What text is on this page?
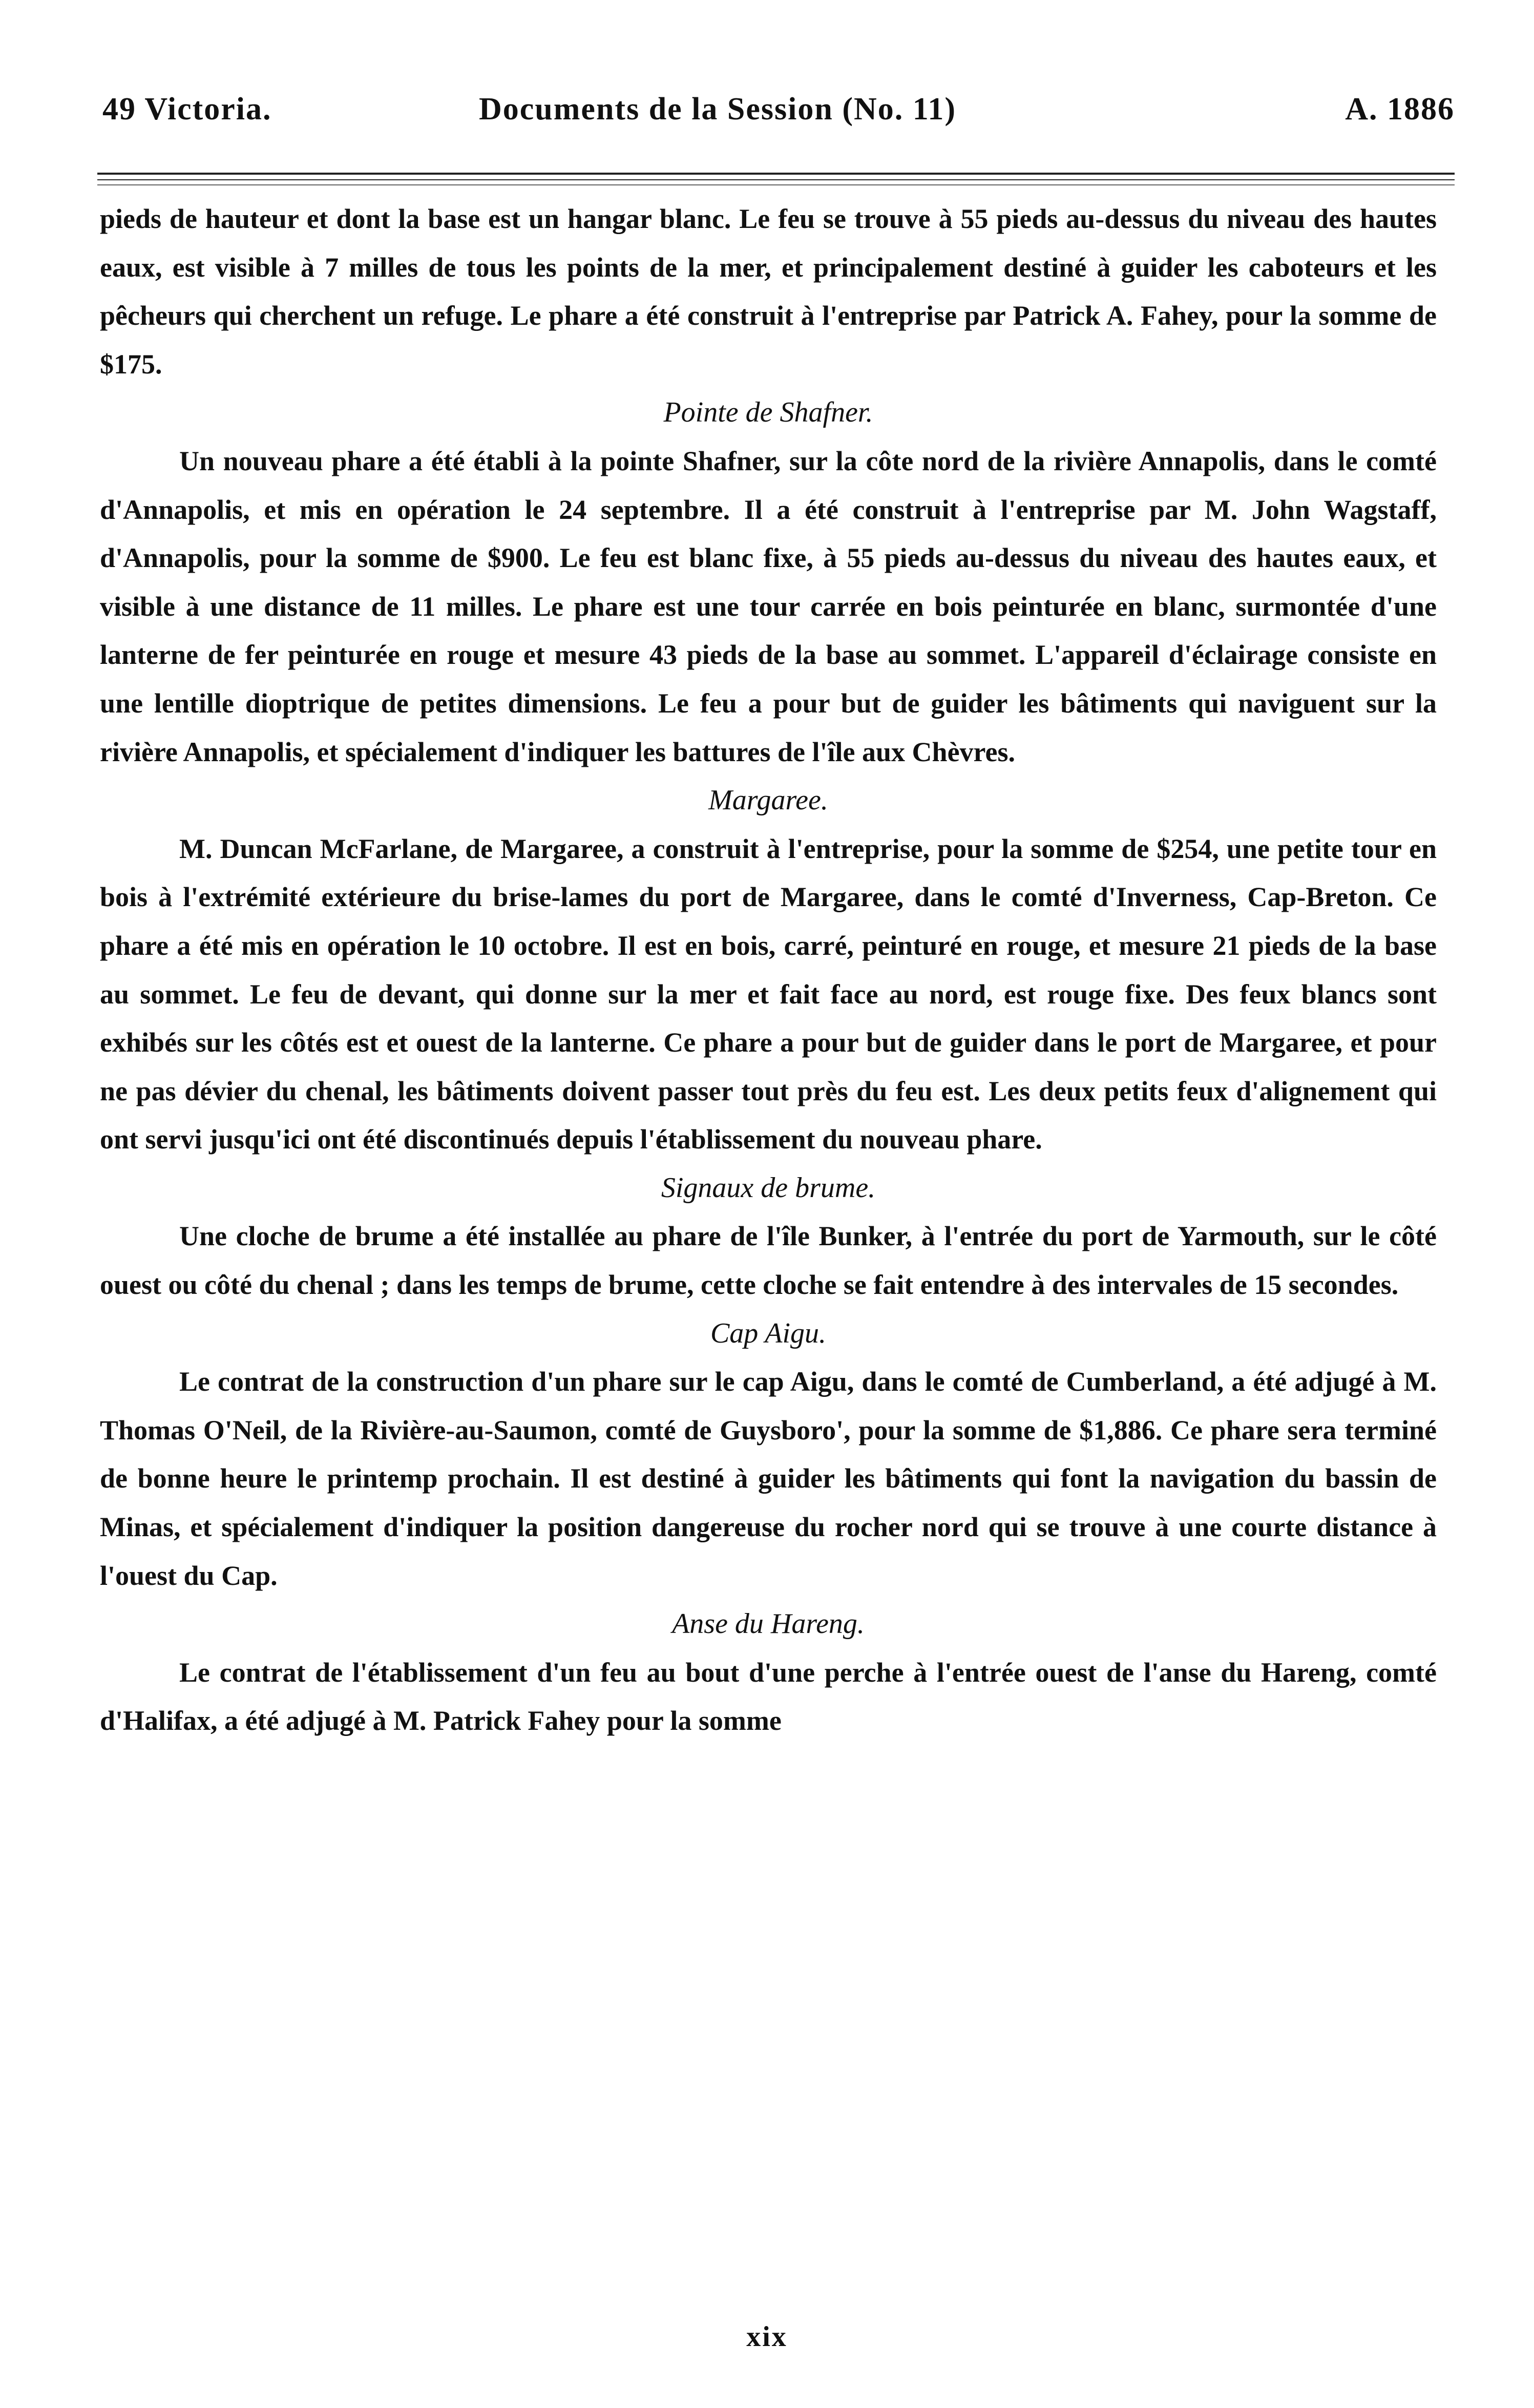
49 Victoria.	Documents de la Session (No. 11)	A. 1886

pieds de hauteur et dont la base est un hangar blanc. Le feu se trouve à 55 pieds au-dessus du niveau des hautes eaux, est visible à 7 milles de tous les points de la mer, et principalement destiné à guider les caboteurs et les pêcheurs qui cherchent un refuge. Le phare a été construit à l'entreprise par Patrick A. Fahey, pour la somme de $175.

Pointe de Shafner.

Un nouveau phare a été établi à la pointe Shafner, sur la côte nord de la rivière Annapolis, dans le comté d'Annapolis, et mis en opération le 24 septembre. Il a été construit à l'entreprise par M. John Wagstaff, d'Annapolis, pour la somme de $900. Le feu est blanc fixe, à 55 pieds au-dessus du niveau des hautes eaux, et visible à une distance de 11 milles. Le phare est une tour carrée en bois peinturée en blanc, surmontée d'une lanterne de fer peinturée en rouge et mesure 43 pieds de la base au sommet. L'appareil d'éclairage consiste en une lentille dioptrique de petites dimensions. Le feu a pour but de guider les bâtiments qui naviguent sur la rivière Annapolis, et spécialement d'indiquer les battures de l'île aux Chèvres.

Margaree.

M. Duncan McFarlane, de Margaree, a construit à l'entreprise, pour la somme de $254, une petite tour en bois à l'extrémité extérieure du brise-lames du port de Margaree, dans le comté d'Inverness, Cap-Breton. Ce phare a été mis en opération le 10 octobre. Il est en bois, carré, peinturé en rouge, et mesure 21 pieds de la base au sommet. Le feu de devant, qui donne sur la mer et fait face au nord, est rouge fixe. Des feux blancs sont exhibés sur les côtés est et ouest de la lanterne. Ce phare a pour but de guider dans le port de Margaree, et pour ne pas dévier du chenal, les bâtiments doivent passer tout près du feu est. Les deux petits feux d'alignement qui ont servi jusqu'ici ont été discontinués depuis l'établissement du nouveau phare.

Signaux de brume.

Une cloche de brume a été installée au phare de l'île Bunker, à l'entrée du port de Yarmouth, sur le côté ouest ou côté du chenal ; dans les temps de brume, cette cloche se fait entendre à des intervales de 15 secondes.

Cap Aigu.

Le contrat de la construction d'un phare sur le cap Aigu, dans le comté de Cumberland, a été adjugé à M. Thomas O'Neil, de la Rivière-au-Saumon, comté de Guysboro', pour la somme de $1,886. Ce phare sera terminé de bonne heure le printemp prochain. Il est destiné à guider les bâtiments qui font la navigation du bassin de Minas, et spécialement d'indiquer la position dangereuse du rocher nord qui se trouve à une courte distance à l'ouest du Cap.

Anse du Hareng.

Le contrat de l'établissement d'un feu au bout d'une perche à l'entrée ouest de l'anse du Hareng, comté d'Halifax, a été adjugé à M. Patrick Fahey pour la somme

xix
